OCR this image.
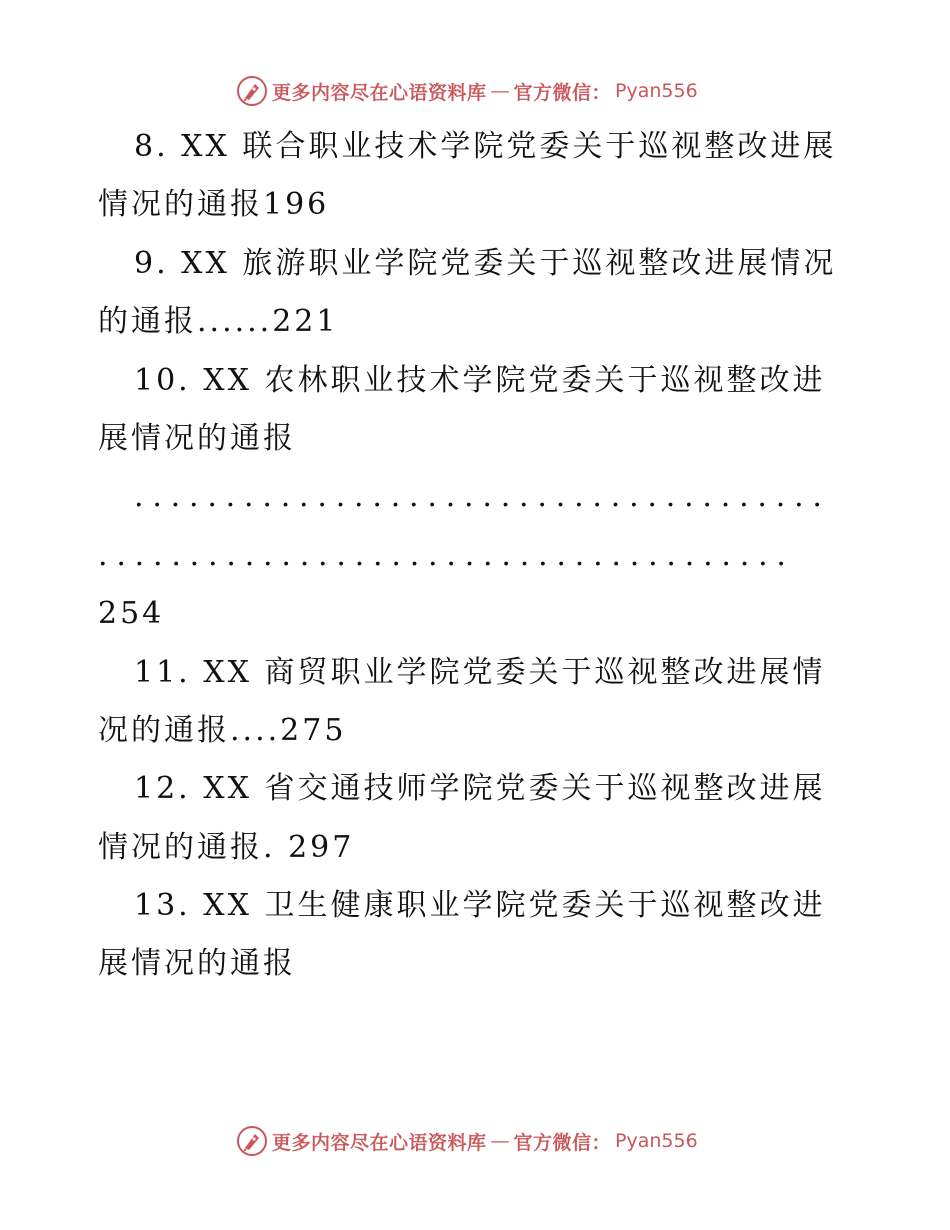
更多内容尽在心语资料库 — 官方微信： Pyan556
8. XX 联合职业技术学院党委关于巡视整改进展
情况的通报196
9. XX 旅游职业学院党委关于巡视整改进展情况
的通报......221
10. XX 农林职业技术学院党委关于巡视整改进
展情况的通报
......................................
......................................
254
11. XX 商贸职业学院党委关于巡视整改进展情
况的通报....275
12. XX 省交通技师学院党委关于巡视整改进展
情况的通报. 297
13. XX 卫生健康职业学院党委关于巡视整改进
展情况的通报
更多内容尽在心语资料库 — 官方微信： Pyan556
